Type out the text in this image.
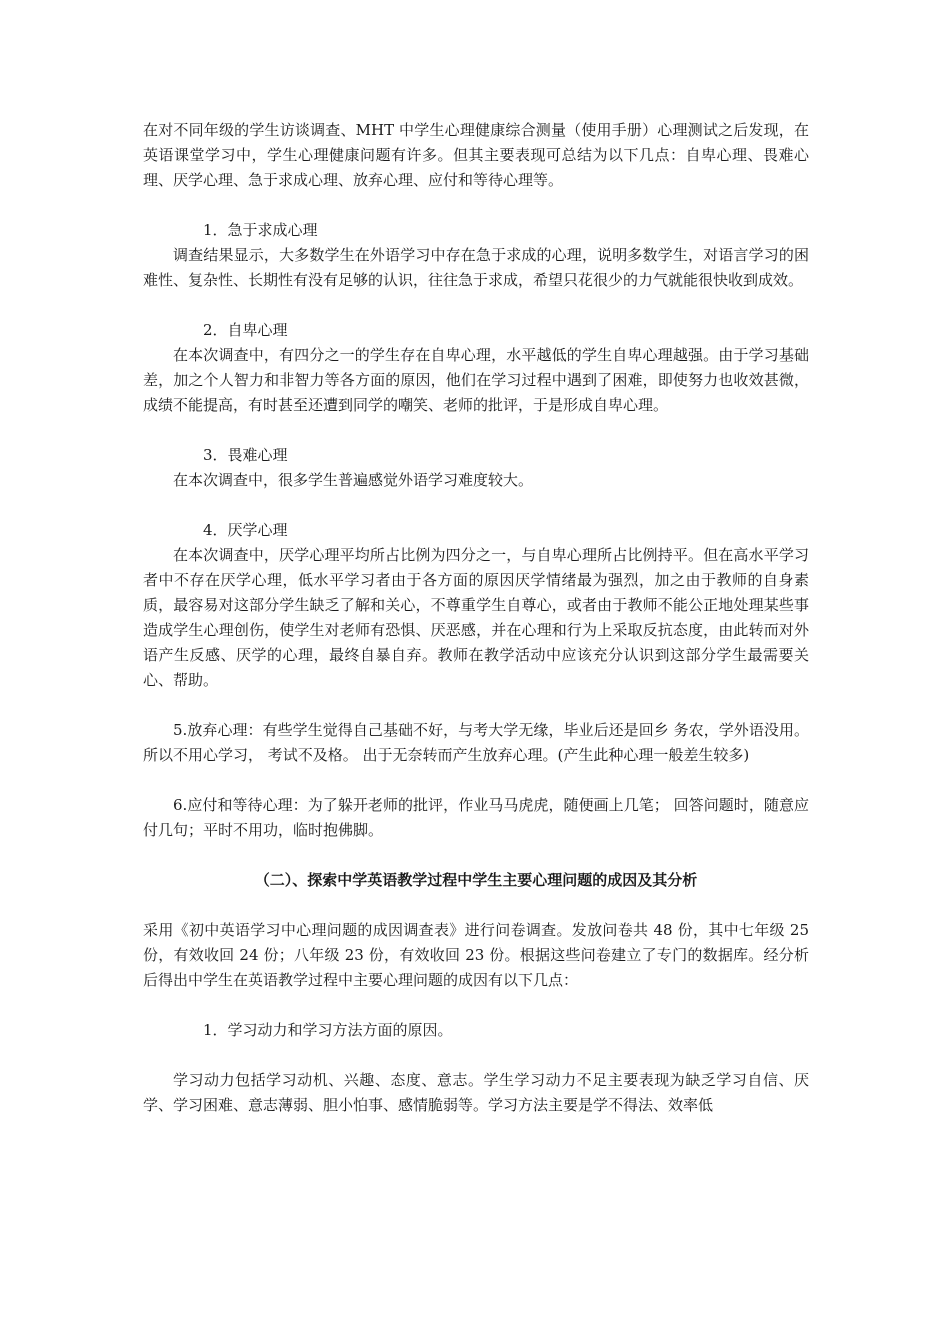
在对不同年级的学生访谈调查、MHT 中学生心理健康综合测量（使用手册）心理测试之后发现，在英语课堂学习中，学生心理健康问题有许多。但其主要表现可总结为以下几点：自卑心理、畏难心理、厌学心理、急于求成心理、放弃心理、应付和等待心理等。

1．急于求成心理

调查结果显示，大多数学生在外语学习中存在急于求成的心理，说明多数学生，对语言学习的困难性、复杂性、长期性有没有足够的认识，往往急于求成，希望只花很少的力气就能很快收到成效。

2．自卑心理

在本次调查中，有四分之一的学生存在自卑心理，水平越低的学生自卑心理越强。由于学习基础差，加之个人智力和非智力等各方面的原因，他们在学习过程中遇到了困难，即使努力也收效甚微，成绩不能提高，有时甚至还遭到同学的嘲笑、老师的批评，于是形成自卑心理。

3．畏难心理

在本次调查中，很多学生普遍感觉外语学习难度较大。

4．厌学心理

在本次调查中，厌学心理平均所占比例为四分之一，与自卑心理所占比例持平。但在高水平学习者中不存在厌学心理，低水平学习者由于各方面的原因厌学情绪最为强烈，加之由于教师的自身素质，最容易对这部分学生缺乏了解和关心，不尊重学生自尊心，或者由于教师不能公正地处理某些事造成学生心理创伤，使学生对老师有恐惧、厌恶感，并在心理和行为上采取反抗态度，由此转而对外语产生反感、厌学的心理，最终自暴自弃。教师在教学活动中应该充分认识到这部分学生最需要关心、帮助。

5.放弃心理：有些学生觉得自己基础不好，与考大学无缘，毕业后还是回乡 务农，学外语没用。 所以不用心学习， 考试不及格。 出于无奈转而产生放弃心理。(产生此种心理一般差生较多)

6.应付和等待心理：为了躲开老师的批评，作业马马虎虎，随便画上几笔； 回答问题时，随意应付几句；平时不用功，临时抱佛脚。

（二）、探索中学英语教学过程中学生主要心理问题的成因及其分析

采用《初中英语学习中心理问题的成因调查表》进行问卷调查。发放问卷共 48 份，其中七年级 25 份，有效收回 24 份；八年级 23 份，有效收回 23 份。根据这些问卷建立了专门的数据库。经分析后得出中学生在英语教学过程中主要心理问题的成因有以下几点：

1．学习动力和学习方法方面的原因。

学习动力包括学习动机、兴趣、态度、意志。学生学习动力不足主要表现为缺乏学习自信、厌学、学习困难、意志薄弱、胆小怕事、感情脆弱等。学习方法主要是学不得法、效率低
